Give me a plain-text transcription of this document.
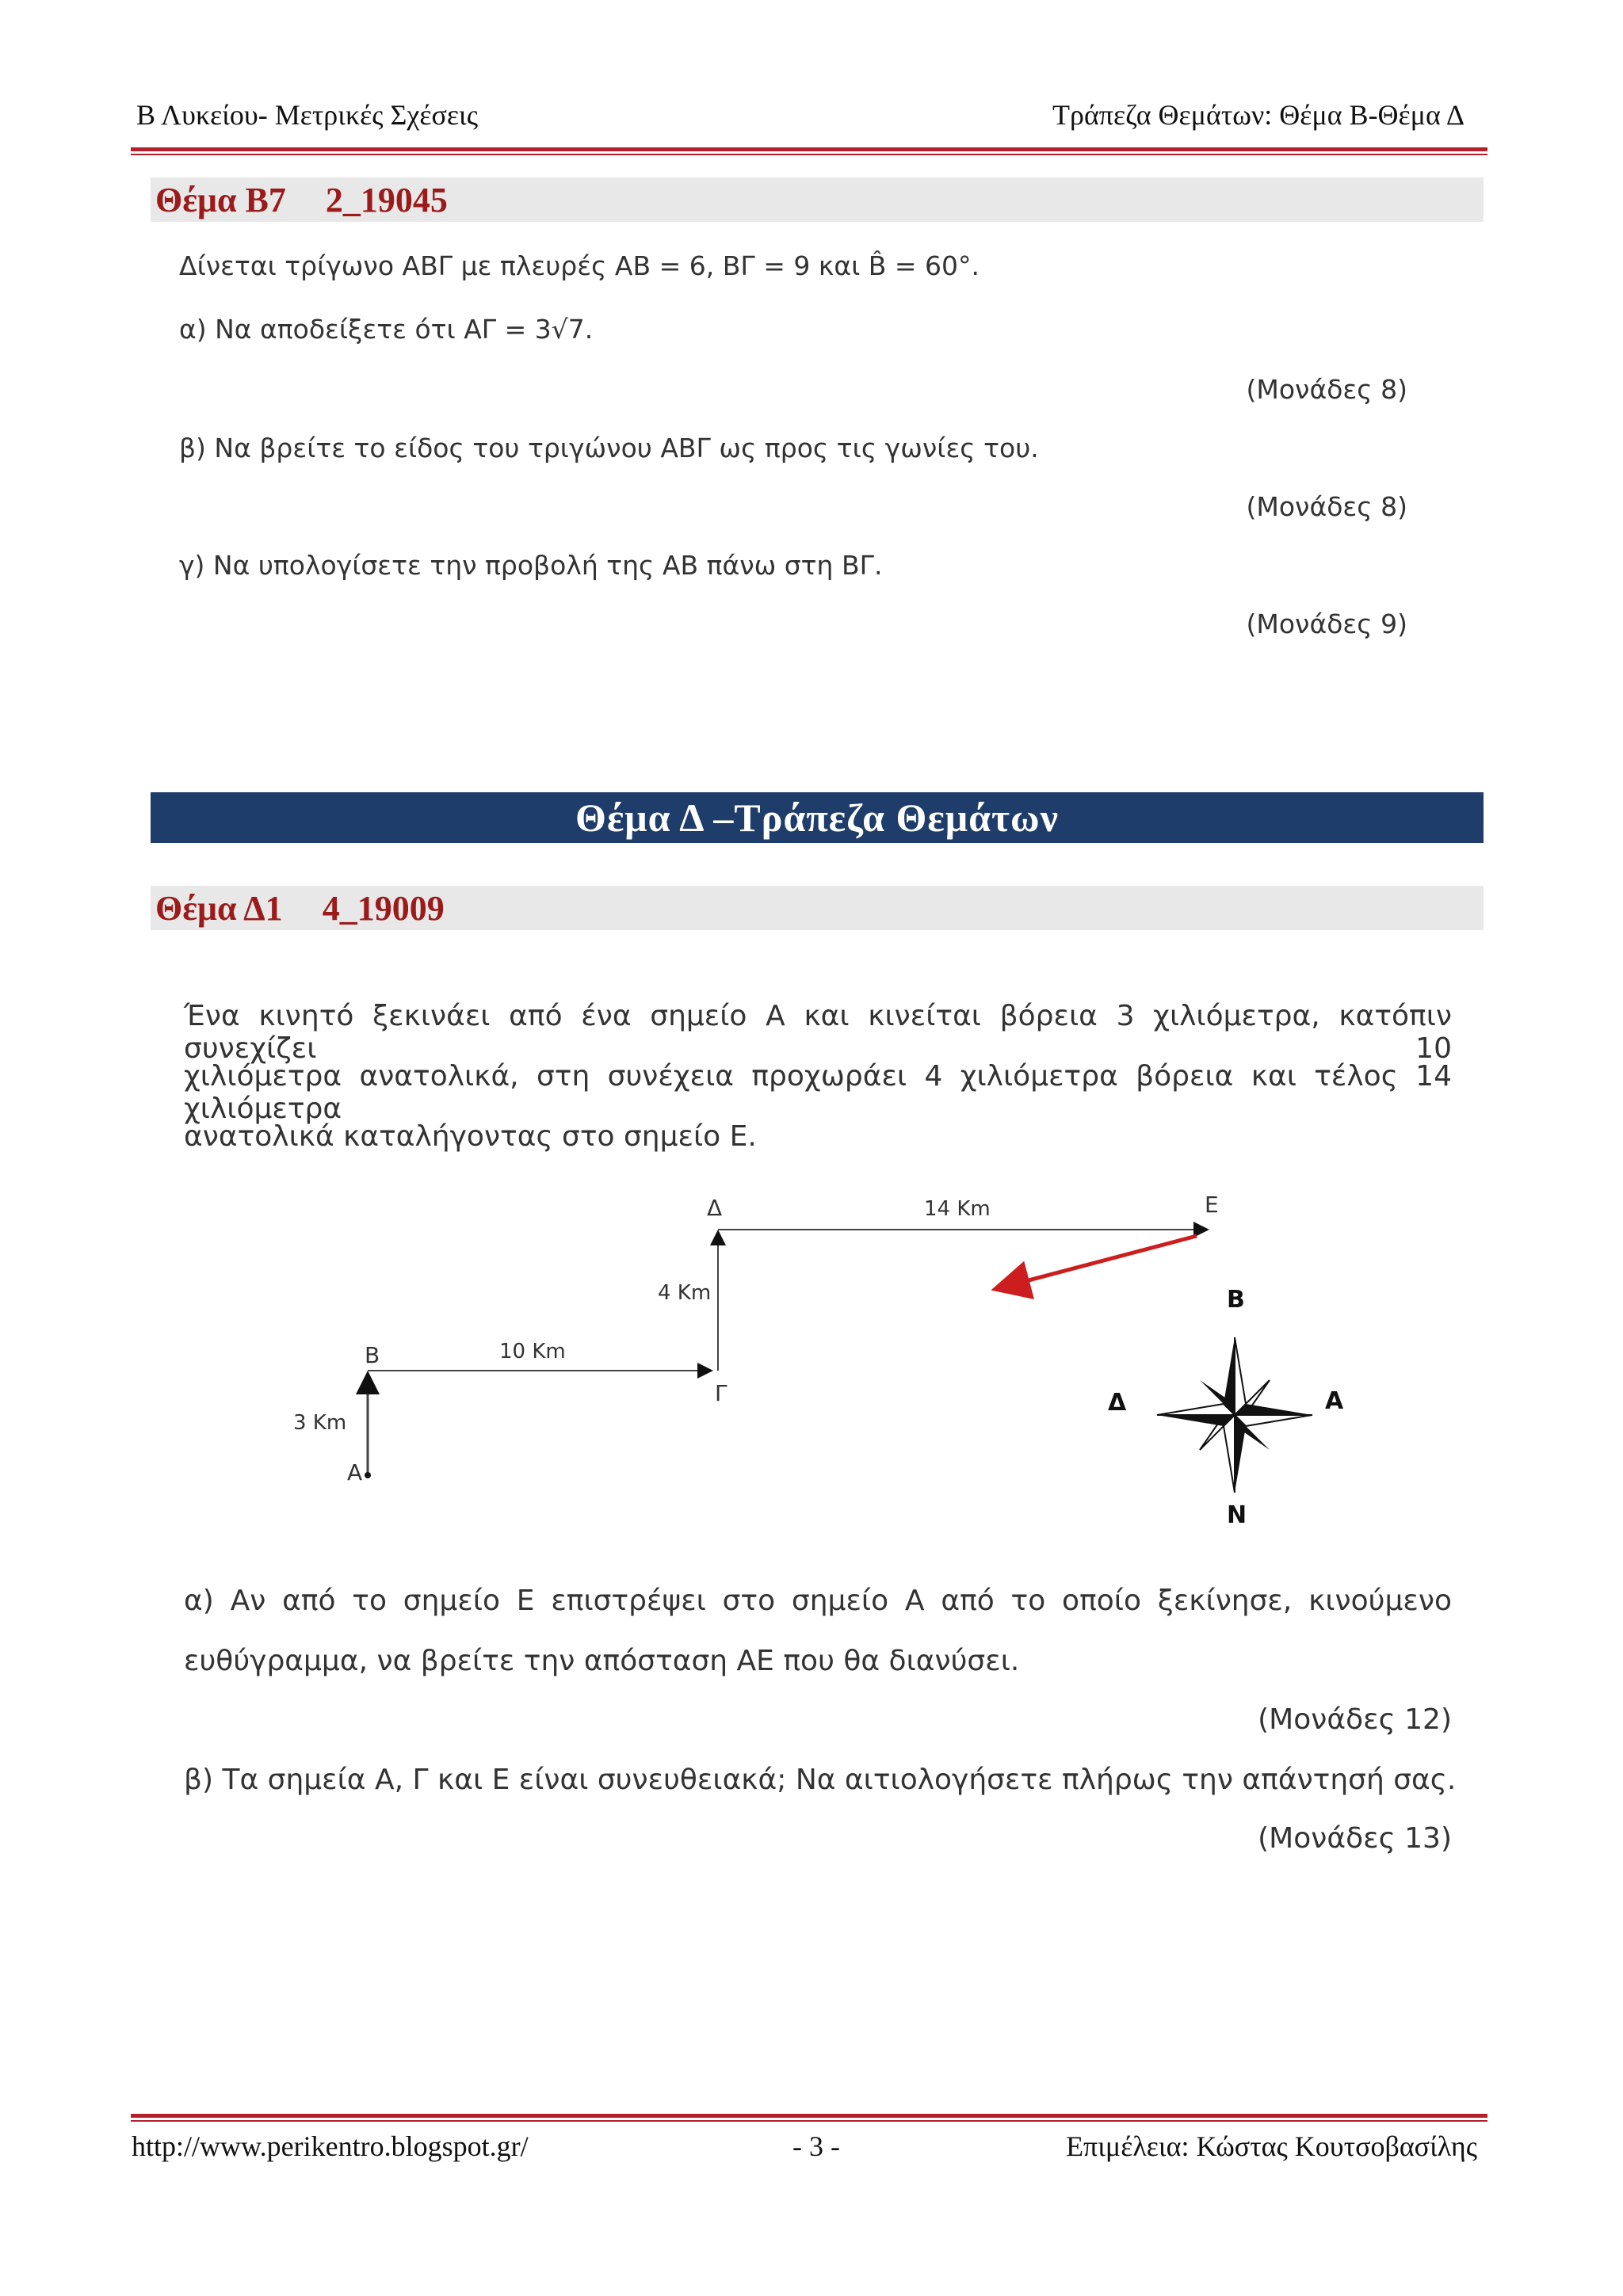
Β Λυκείου- Μετρικές Σχέσεις	Τράπεζα Θεμάτων: Θέμα Β-Θέμα Δ
Θέμα Β7 2_19045
Δίνεται τρίγωνο ΑΒΓ με πλευρές ΑΒ = 6, ΒΓ = 9 και B̂ = 60°.
α) Να αποδείξετε ότι ΑΓ = 3√7.
(Μονάδες 8)
β) Να βρείτε το είδος του τριγώνου ΑΒΓ ως προς τις γωνίες του.
(Μονάδες 8)
γ) Να υπολογίσετε την προβολή της ΑΒ πάνω στη ΒΓ.
(Μονάδες 9)
Θέμα Δ –Τράπεζα Θεμάτων
Θέμα Δ1 4_19009
Ένα κινητό ξεκινάει από ένα σημείο Α και κινείται βόρεια 3 χιλιόμετρα, κατόπιν συνεχίζει 10
χιλιόμετρα ανατολικά, στη συνέχεια προχωράει 4 χιλιόμετρα βόρεια και τέλος 14 χιλιόμετρα
ανατολικά καταλήγοντας στο σημείο Ε.
Α
Β
Γ
Δ	Ε
3 Km
10 Km
4 Km
14 Km
Β
Ν
Α
Δ
α) Αν από το σημείο Ε επιστρέψει στο σημείο Α από το οποίο ξεκίνησε, κινούμενο
ευθύγραμμα, να βρείτε την απόσταση ΑΕ που θα διανύσει.
(Μονάδες 12)
β) Τα σημεία Α, Γ και Ε είναι συνευθειακά; Να αιτιολογήσετε πλήρως την απάντησή σας.
(Μονάδες 13)
http://www.perikentro.blogspot.gr/	- 3 -	Επιμέλεια: Κώστας Κουτσοβασίλης
